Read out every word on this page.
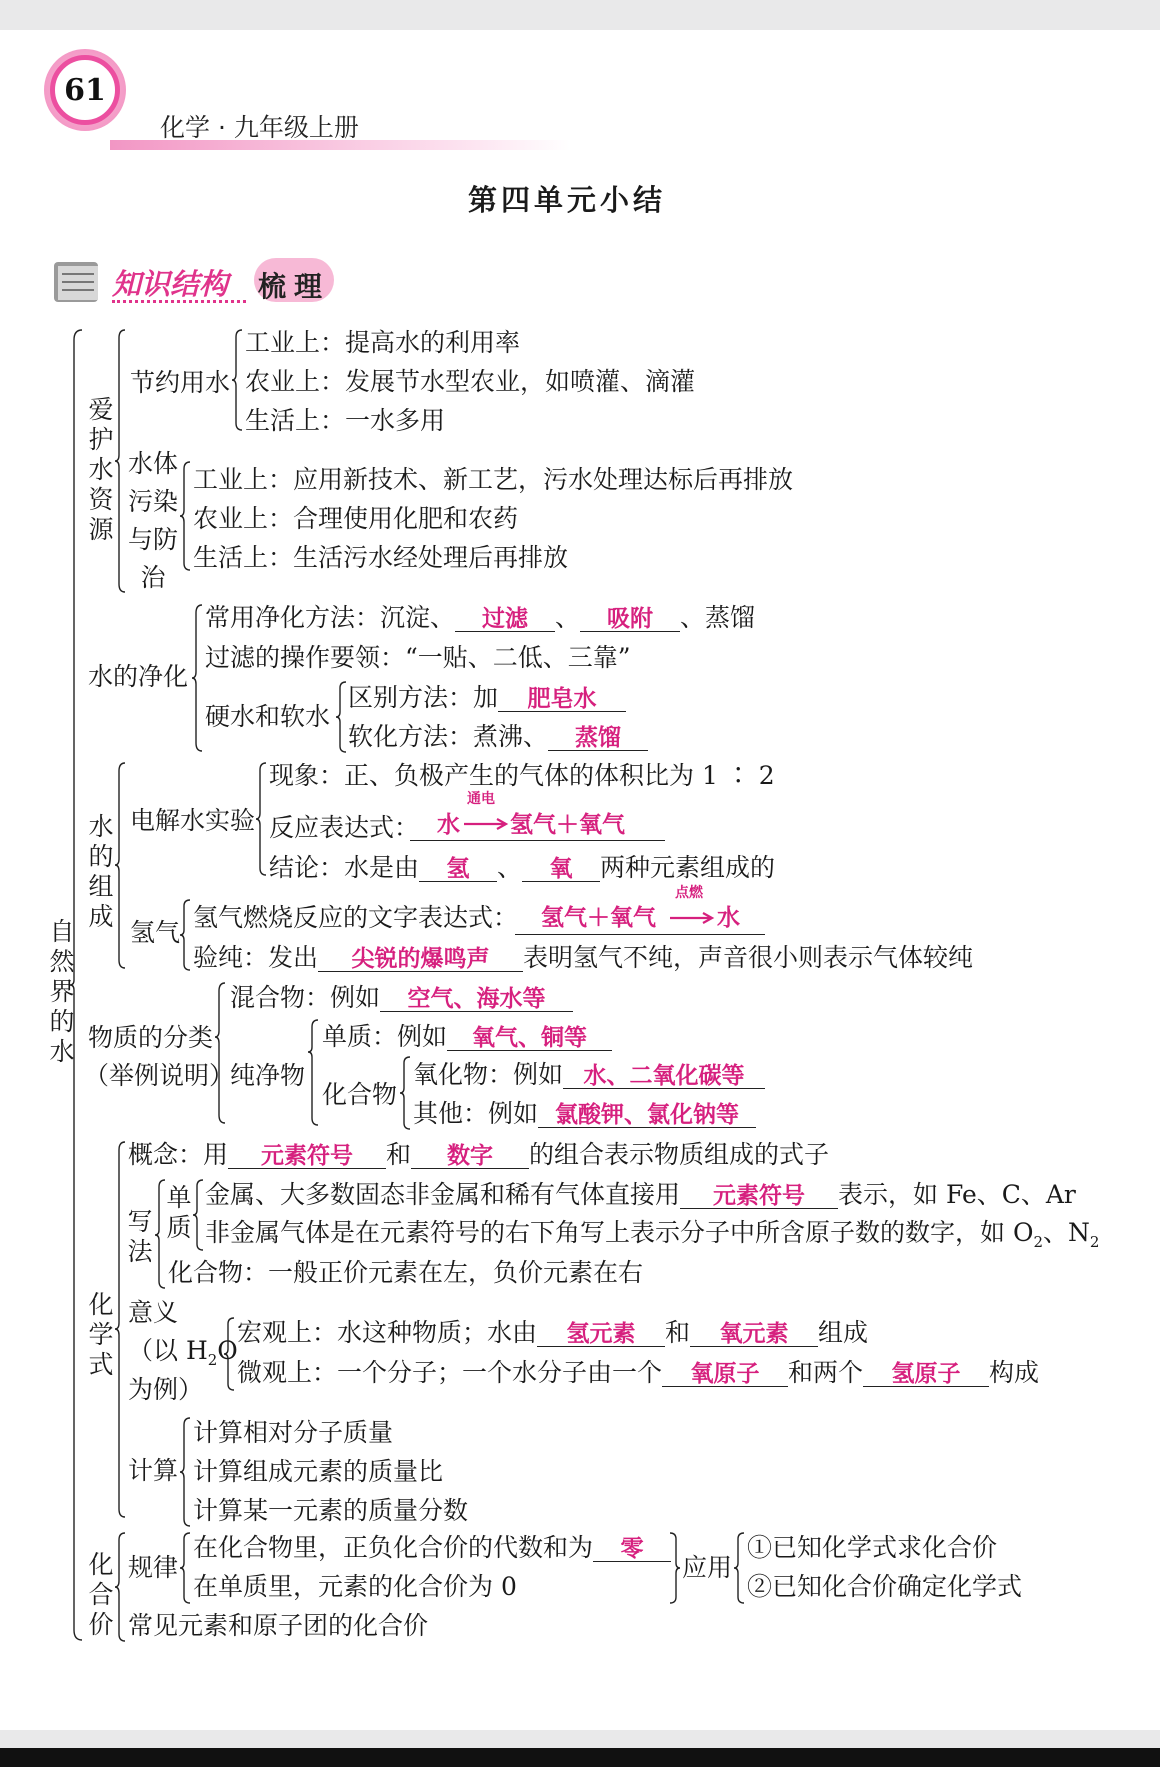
61
化学 · 九年级上册
第四单元小结
知识结构 梳 理
自然界的水
爱护水资源
节约用水
工业上：提高水的利用率
农业上：发展节水型农业，如喷灌、滴灌
生活上：一水多用
水体污染与防治
工业上：应用新技术、新工艺，污水处理达标后再排放
农业上：合理使用化肥和农药
生活上：生活污水经处理后再排放
水的净化
常用净化方法：沉淀、 过滤 、 吸附 、蒸馏
过滤的操作要领：“一贴、二低、三靠”
硬水和软水
区别方法：加 肥皂水
软化方法：煮沸、 蒸馏
水的组成
电解水实验
现象：正、负极产生的气体的体积比为 1 ∶ 2
反应表达式： 水
通电
氢气＋氧气
结论：水是由 氢 、 氧 两种元素组成的
氢气
氢气燃烧反应的文字表达式： 氢气＋氧气
点燃
水
验纯：发出 尖锐的爆鸣声 表明氢气不纯，声音很小则表示气体较纯
物质的分类
（举例说明）
混合物：例如 空气、海水等
纯净物
单质：例如 氧气、铜等
化合物
氧化物：例如 水、二氧化碳等
其他：例如 氯酸钾、氯化钠等
化学式
概念：用 元素符号 和 数字 的组合表示物质组成的式子
写法
单质
金属、大多数固态非金属和稀有气体直接用 元素符号 表示，如 Fe、C、Ar
非金属气体是在元素符号的右下角写上表示分子中所含原子数的数字，如 $O_2$、$N_2$
化合物：一般正价元素在左，负价元素在右
意义
（以 $H_2O$
为例）
宏观上：水这种物质；水由 氢元素 和 氧元素 组成
微观上：一个分子；一个水分子由一个 氧原子 和两个 氢原子 构成
计算
计算相对分子质量
计算组成元素的质量比
计算某一元素的质量分数
化合价
规律
在化合物里，正负化合价的代数和为 零
在单质里，元素的化合价为 0
应用
①已知化学式求化合价
②已知化合价确定化学式
常见元素和原子团的化合价
